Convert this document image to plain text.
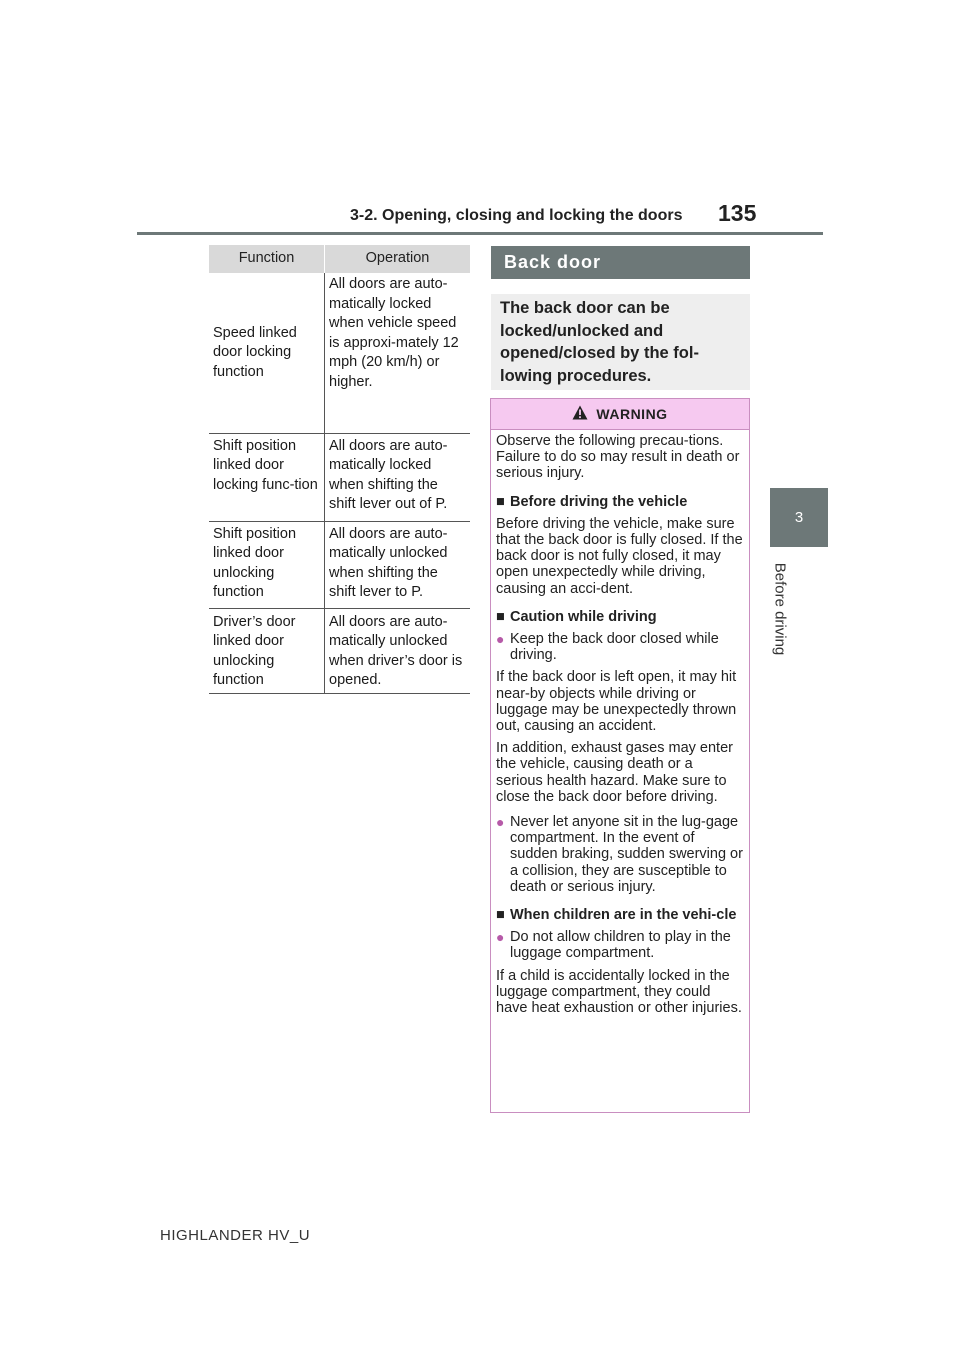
3-2. Opening, closing and locking the doors 135
3
Before driving
Function	Operation
Speed linked door locking function	All doors are auto-matically locked when vehicle speed is approxi-mately 12 mph (20 km/h) or higher.
Shift position linked door locking func-tion	All doors are auto-matically locked when shifting the shift lever out of P.
Shift position linked door unlocking function	All doors are auto-matically unlocked when shifting the shift lever to P.
Driver’s door linked door unlocking function	All doors are auto-matically unlocked when driver’s door is opened.
Back door
The back door can be locked/unlocked and opened/closed by the fol-lowing procedures.
WARNING

Observe the following precau-tions. Failure to do so may result in death or serious injury.

■ Before driving the vehicle

Before driving the vehicle, make sure that the back door is fully closed. If the back door is not fully closed, it may open unexpectedly while driving, causing an acci-dent.

■ Caution while driving
● Keep the back door closed while driving.

If the back door is left open, it may hit near-by objects while driving or luggage may be unexpectedly thrown out, causing an accident.

In addition, exhaust gases may enter the vehicle, causing death or a serious health hazard. Make sure to close the back door before driving.

● Never let anyone sit in the lug-gage compartment. In the event of sudden braking, sudden swerving or a collision, they are susceptible to death or serious injury.
■ When children are in the vehi-cle
● Do not allow children to play in the luggage compartment.

If a child is accidentally locked in the luggage compartment, they could have heat exhaustion or other injuries.

HIGHLANDER HV_U
